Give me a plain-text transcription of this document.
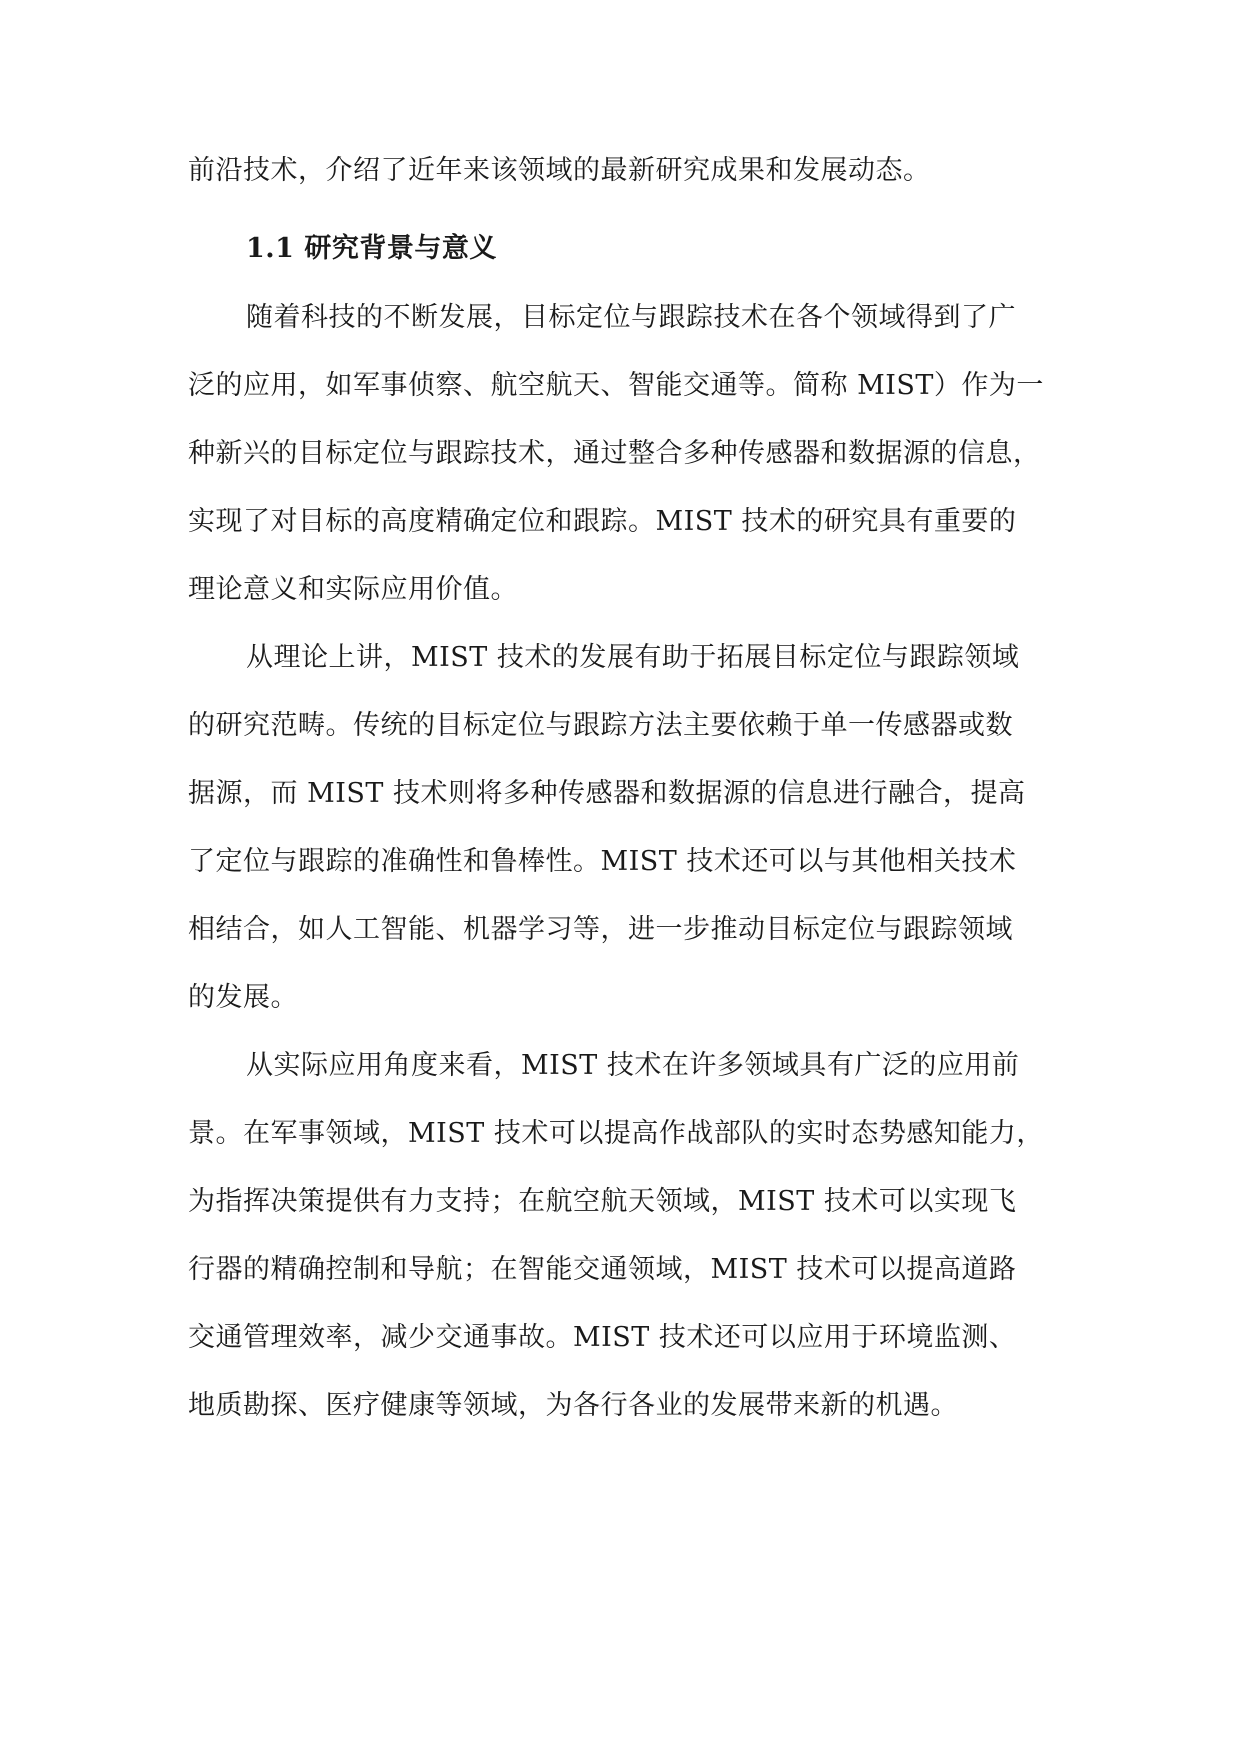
前沿技术，介绍了近年来该领域的最新研究成果和发展动态。
1.1 研究背景与意义
随着科技的不断发展，目标定位与跟踪技术在各个领域得到了广
泛的应用，如军事侦察、航空航天、智能交通等。简称 MIST）作为一
种新兴的目标定位与跟踪技术，通过整合多种传感器和数据源的信息，
实现了对目标的高度精确定位和跟踪。MIST 技术的研究具有重要的
理论意义和实际应用价值。
从理论上讲，MIST 技术的发展有助于拓展目标定位与跟踪领域
的研究范畴。传统的目标定位与跟踪方法主要依赖于单一传感器或数
据源，而 MIST 技术则将多种传感器和数据源的信息进行融合，提高
了定位与跟踪的准确性和鲁棒性。MIST 技术还可以与其他相关技术
相结合，如人工智能、机器学习等，进一步推动目标定位与跟踪领域
的发展。
从实际应用角度来看，MIST 技术在许多领域具有广泛的应用前
景。在军事领域，MIST 技术可以提高作战部队的实时态势感知能力，
为指挥决策提供有力支持；在航空航天领域，MIST 技术可以实现飞
行器的精确控制和导航；在智能交通领域，MIST 技术可以提高道路
交通管理效率，减少交通事故。MIST 技术还可以应用于环境监测、
地质勘探、医疗健康等领域，为各行各业的发展带来新的机遇。
